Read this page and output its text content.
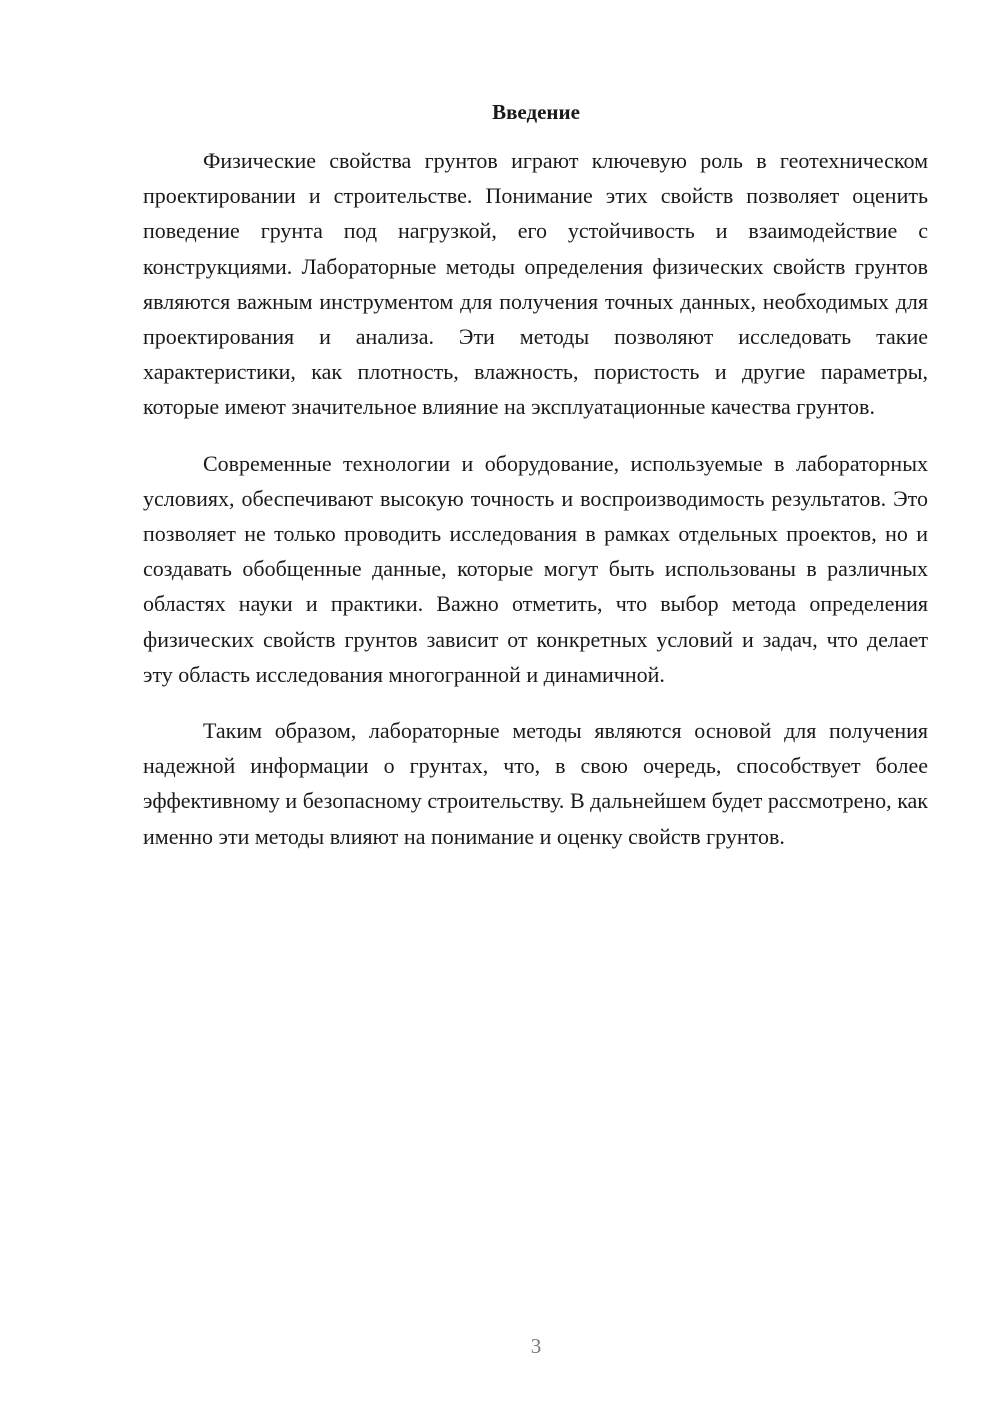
Введение

Физические свойства грунтов играют ключевую роль в геотехническом проектировании и строительстве. Понимание этих свойств позволяет оценить поведение грунта под нагрузкой, его устойчивость и взаимодействие с конструкциями. Лабораторные методы определения физических свойств грунтов являются важным инструментом для получения точных данных, необходимых для проектирования и анализа. Эти методы позволяют исследовать такие характеристики, как плотность, влажность, пористость и другие параметры, которые имеют значительное влияние на эксплуатационные качества грунтов.

Современные технологии и оборудование, используемые в лабораторных условиях, обеспечивают высокую точность и воспроизводимость результатов. Это позволяет не только проводить исследования в рамках отдельных проектов, но и создавать обобщенные данные, которые могут быть использованы в различных областях науки и практики. Важно отметить, что выбор метода определения физических свойств грунтов зависит от конкретных условий и задач, что делает эту область исследования многогранной и динамичной.

Таким образом, лабораторные методы являются основой для получения надежной информации о грунтах, что, в свою очередь, способствует более эффективному и безопасному строительству. В дальнейшем будет рассмотрено, как именно эти методы влияют на понимание и оценку свойств грунтов.

3
